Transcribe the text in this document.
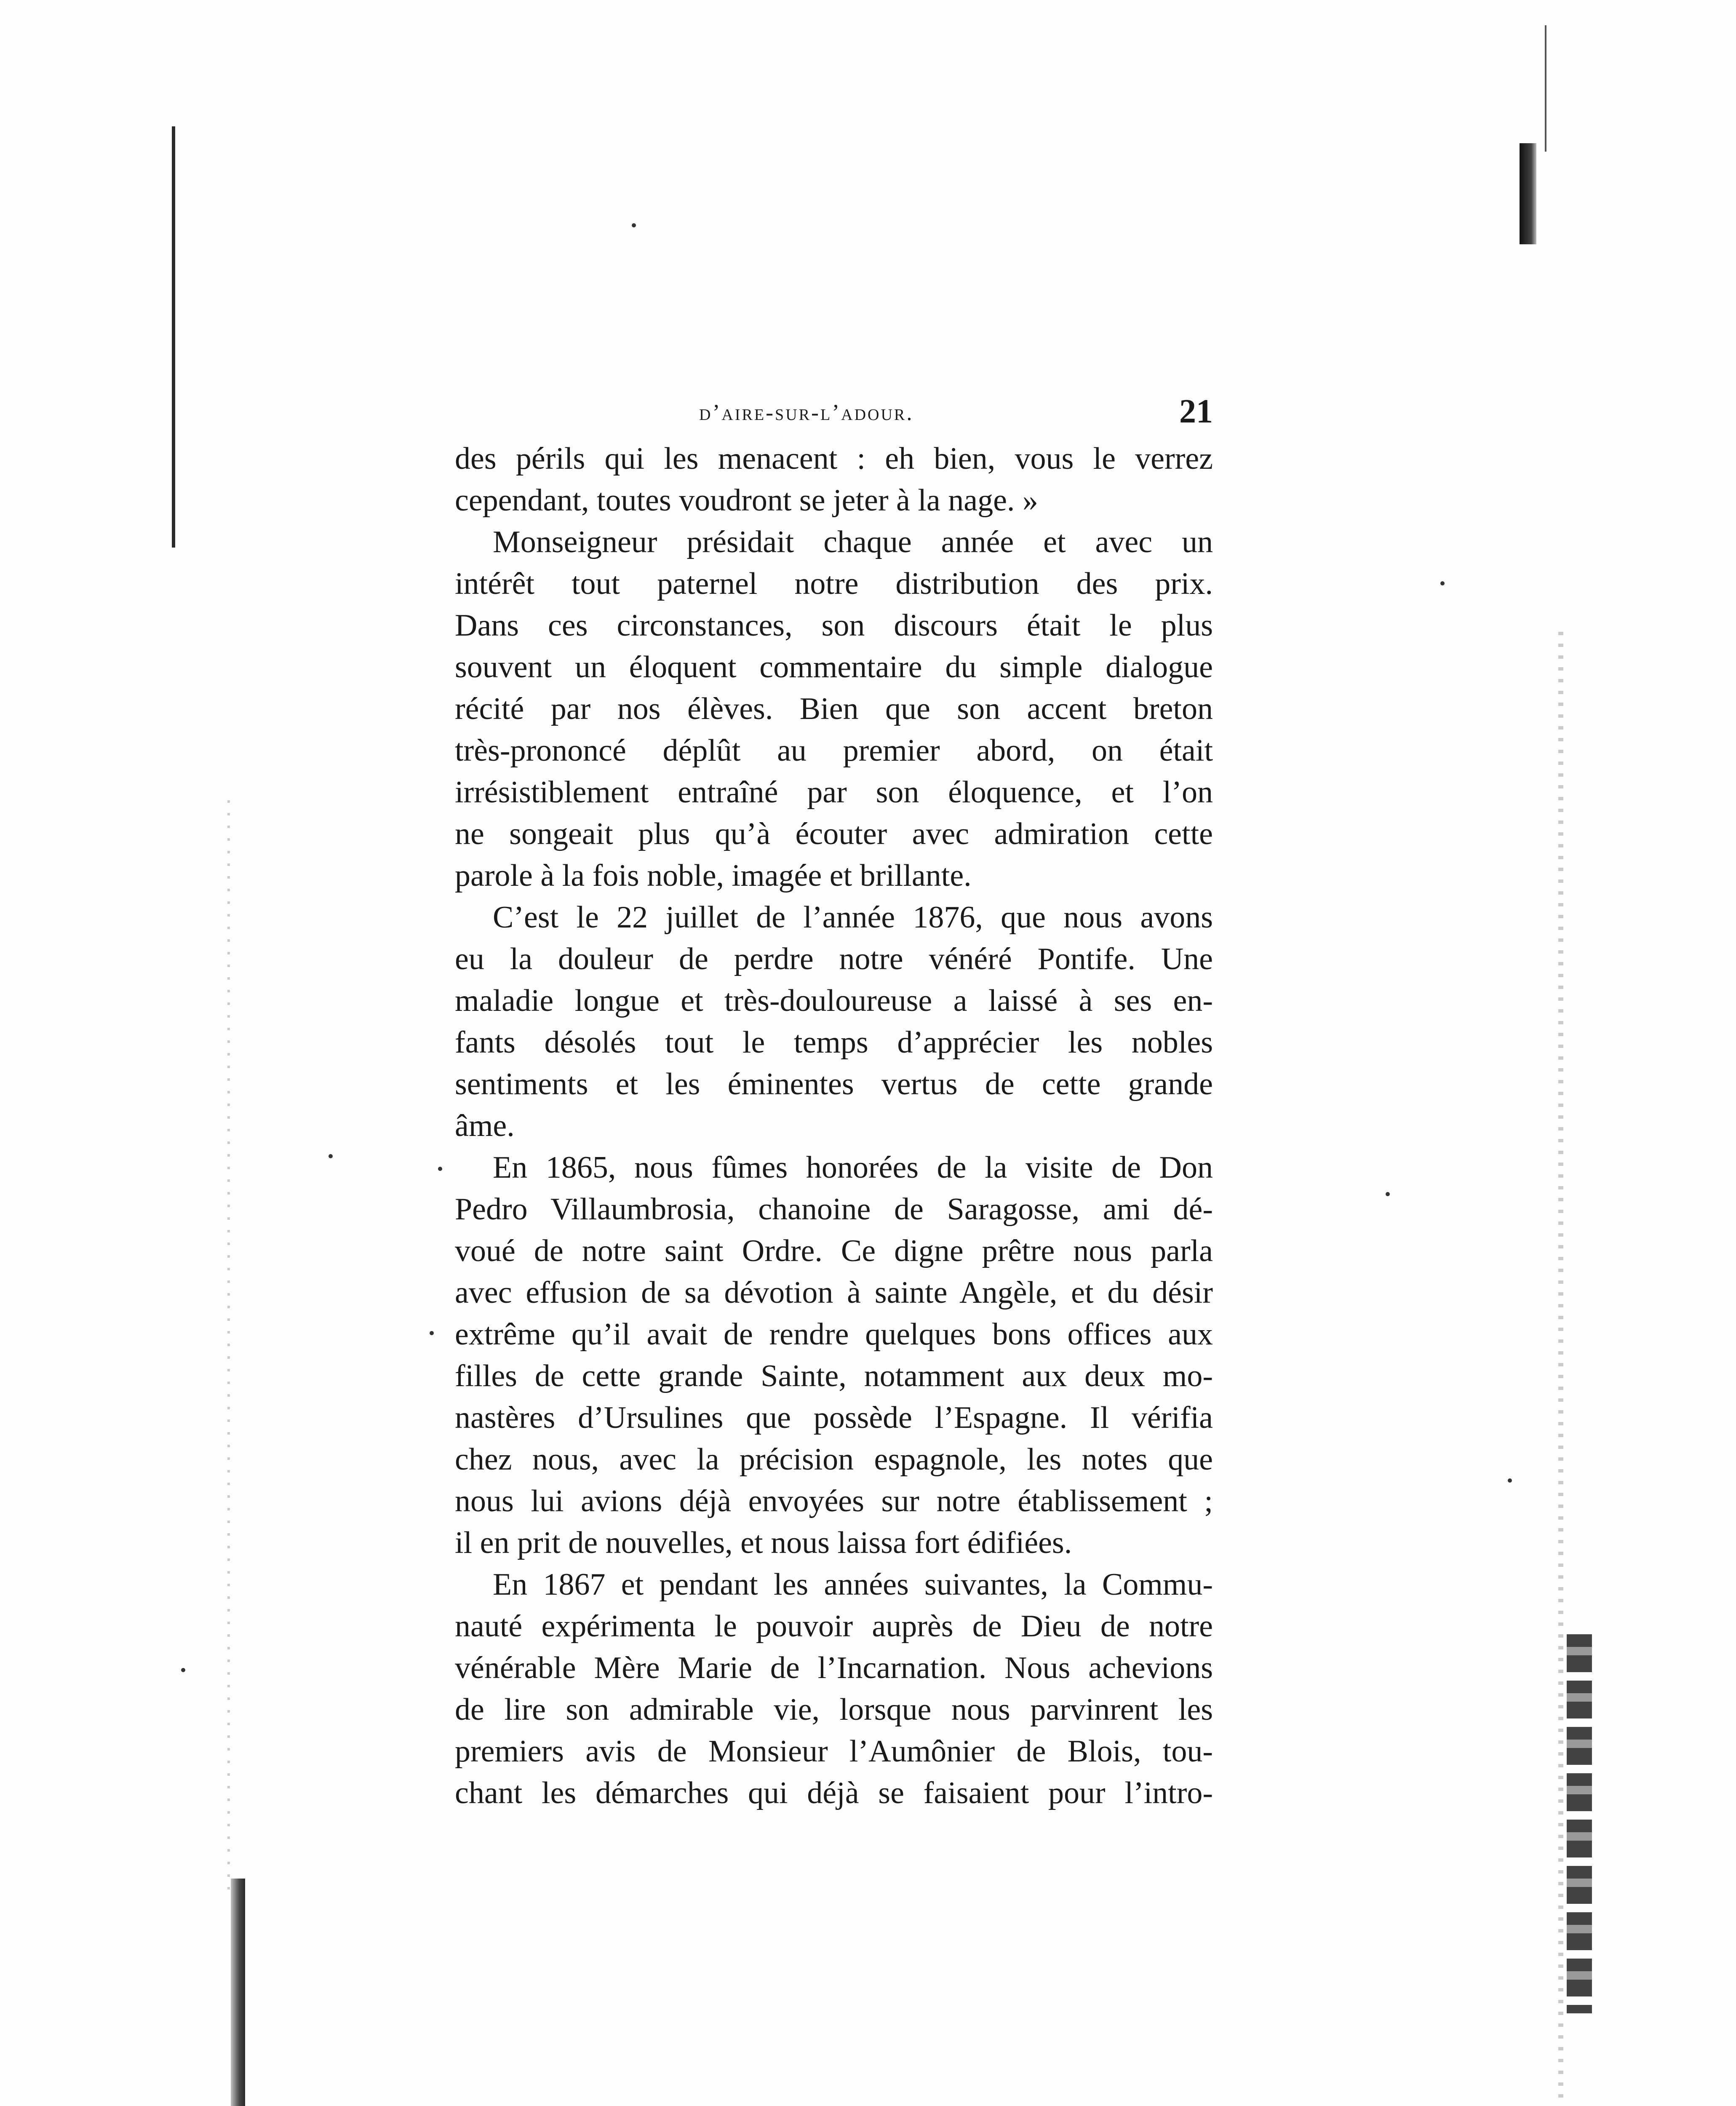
d’aire-sur-l’adour.	21
des périls qui les menacent : eh bien, vous le verrez
cependant, toutes voudront se jeter à la nage. »
Monseigneur présidait chaque année et avec un
intérêt tout paternel notre distribution des prix.
Dans ces circonstances, son discours était le plus
souvent un éloquent commentaire du simple dialogue
récité par nos élèves. Bien que son accent breton
très-prononcé déplût au premier abord, on était
irrésistiblement entraîné par son éloquence, et l’on
ne songeait plus qu’à écouter avec admiration cette
parole à la fois noble, imagée et brillante.
C’est le 22 juillet de l’année 1876, que nous avons
eu la douleur de perdre notre vénéré Pontife. Une
maladie longue et très-douloureuse a laissé à ses en-
fants désolés tout le temps d’apprécier les nobles
sentiments et les éminentes vertus de cette grande
âme.
En 1865, nous fûmes honorées de la visite de Don
Pedro Villaumbrosia, chanoine de Saragosse, ami dé-
voué de notre saint Ordre. Ce digne prêtre nous parla
avec effusion de sa dévotion à sainte Angèle, et du désir
extrême qu’il avait de rendre quelques bons offices aux
filles de cette grande Sainte, notamment aux deux mo-
nastères d’Ursulines que possède l’Espagne. Il vérifia
chez nous, avec la précision espagnole, les notes que
nous lui avions déjà envoyées sur notre établissement ;
il en prit de nouvelles, et nous laissa fort édifiées.
En 1867 et pendant les années suivantes, la Commu-
nauté expérimenta le pouvoir auprès de Dieu de notre
vénérable Mère Marie de l’Incarnation. Nous achevions
de lire son admirable vie, lorsque nous parvinrent les
premiers avis de Monsieur l’Aumônier de Blois, tou-
chant les démarches qui déjà se faisaient pour l’intro-
